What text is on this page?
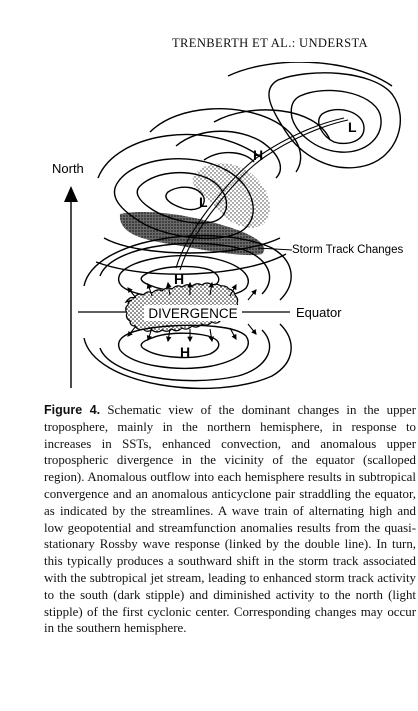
TRENBERTH ET AL.: UNDERSTA
North
Equator
L
H
L
Storm Track Changes
H
DIVERGENCE
H
Figure 4. Schematic view of the dominant changes in the upper troposphere, mainly in the northern hemisphere, in response to increases in SSTs, enhanced convection, and anomalous upper tropospheric divergence in the vicinity of the equator (scalloped region). Anomalous outflow into each hemisphere results in subtropical convergence and an anomalous anticyclone pair straddling the equator, as indicated by the streamlines. A wave train of alternating high and low geopotential and streamfunction anomalies results from the quasi-stationary Rossby wave response (linked by the double line). In turn, this typically produces a southward shift in the storm track associated with the subtropical jet stream, leading to enhanced storm track activity to the south (dark stipple) and diminished activity to the north (light stipple) of the first cyclonic center. Corresponding changes may occur in the southern hemisphere.
